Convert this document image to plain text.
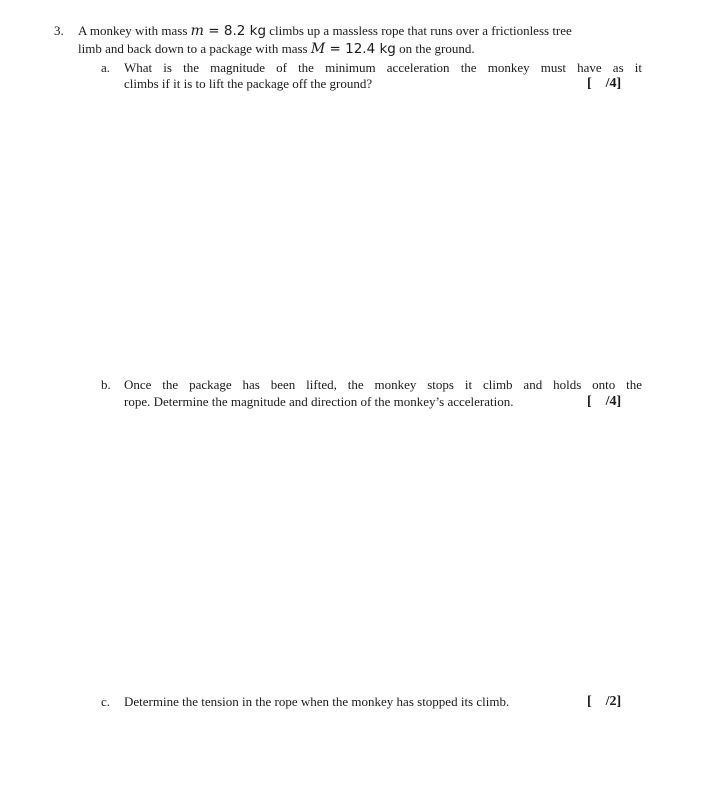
3. A monkey with mass m = 8.2 kg climbs up a massless rope that runs over a frictionless tree
limb and back down to a package with mass M = 12.4 kg on the ground.
a. What is the magnitude of the minimum acceleration the monkey must have as it
climbs if it is to lift the package off the ground?	[    /4]
b. Once the package has been lifted, the monkey stops it climb and holds onto the
rope. Determine the magnitude and direction of the monkey’s acceleration.	[    /4]
c. Determine the tension in the rope when the monkey has stopped its climb.	[    /2]
